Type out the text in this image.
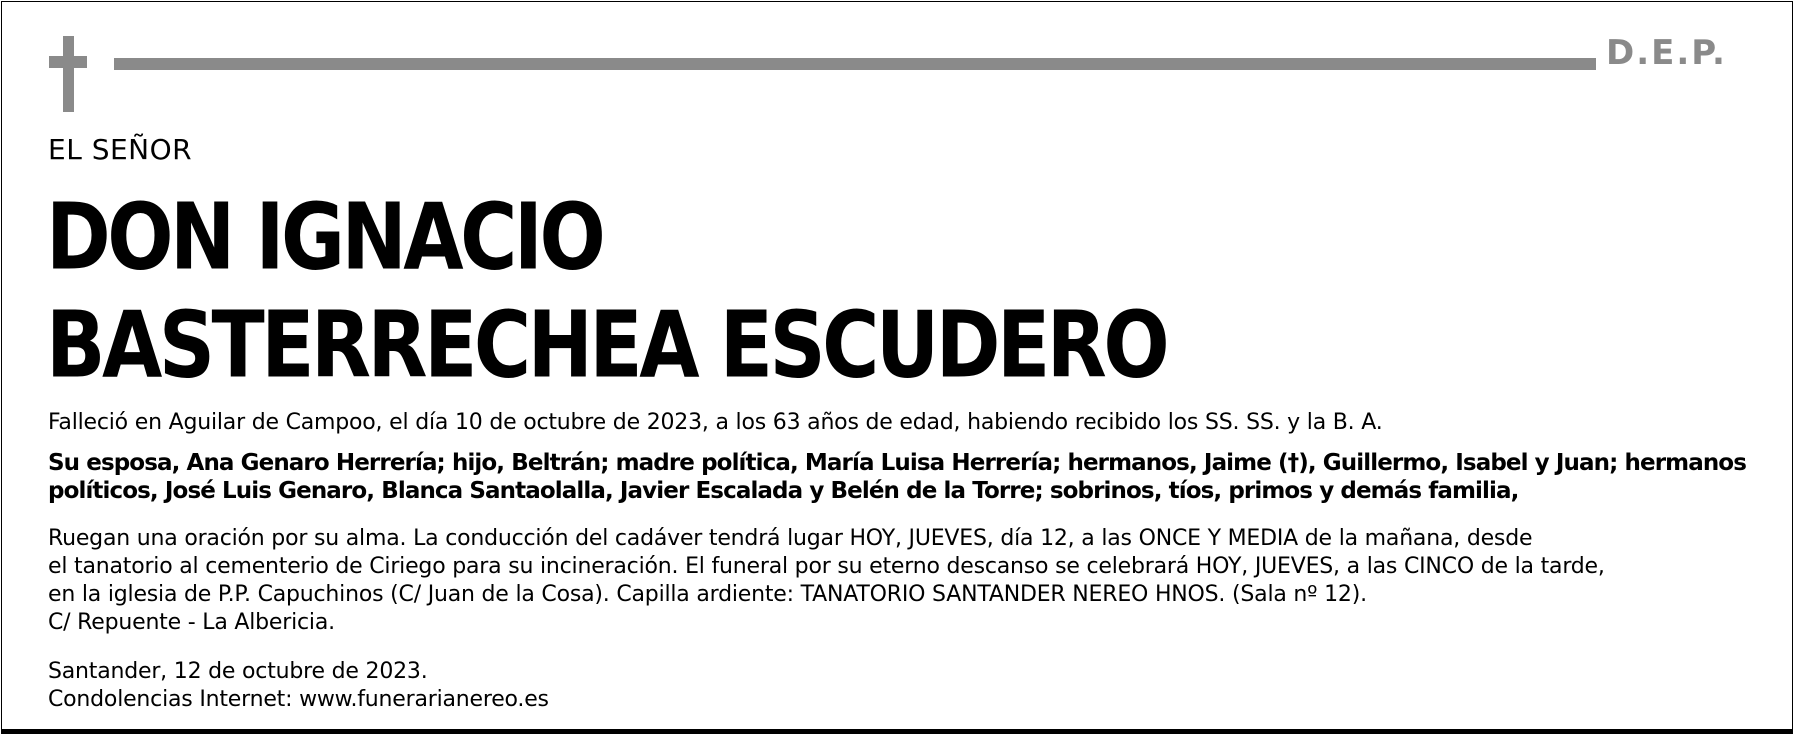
D.E.P.
EL SEÑOR
DON IGNACIO
BASTERRECHEA ESCUDERO
Falleció en Aguilar de Campoo, el día 10 de octubre de 2023, a los 63 años de edad, habiendo recibido los SS. SS. y la B. A.
Su esposa, Ana Genaro Herrería; hijo, Beltrán; madre política, María Luisa Herrería; hermanos, Jaime (†), Guillermo, Isabel y Juan; hermanos
políticos, José Luis Genaro, Blanca Santaolalla, Javier Escalada y Belén de la Torre; sobrinos, tíos, primos y demás familia,
Ruegan una oración por su alma. La conducción del cadáver tendrá lugar HOY, JUEVES, día 12, a las ONCE Y MEDIA de la mañana, desde
el tanatorio al cementerio de Ciriego para su incineración. El funeral por su eterno descanso se celebrará HOY, JUEVES, a las CINCO de la tarde,
en la iglesia de P.P. Capuchinos (C/ Juan de la Cosa). Capilla ardiente: TANATORIO SANTANDER NEREO HNOS. (Sala nº 12).
C/ Repuente - La Albericia.
Santander, 12 de octubre de 2023.
Condolencias Internet: www.funerarianereo.es
